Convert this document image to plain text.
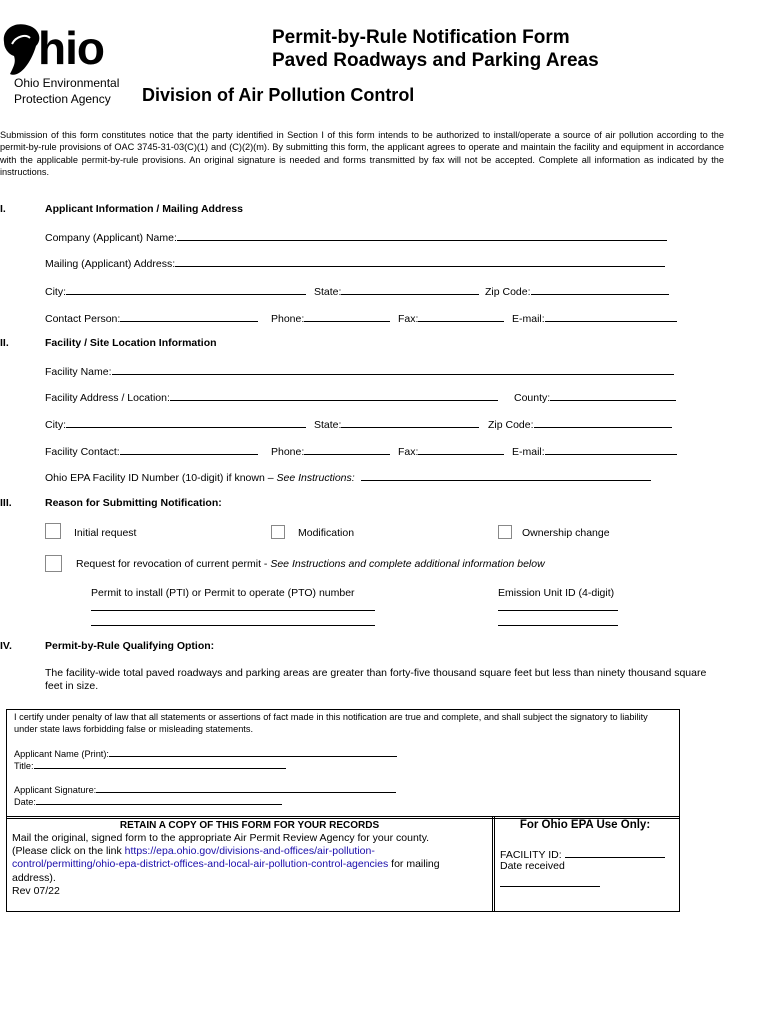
hio
Ohio Environmental
Protection Agency
Permit-by-Rule Notification Form
Paved Roadways and Parking Areas
Division of Air Pollution Control
Submission of this form constitutes notice that the party identified in Section I of this form intends to be authorized to install/operate a source of air pollution according to the permit-by-rule provisions of OAC 3745-31-03(C)(1) and (C)(2)(m). By submitting this form, the applicant agrees to operate and maintain the facility and equipment in accordance with the applicable permit-by-rule provisions. An original signature is needed and forms transmitted by fax will not be accepted. Complete all information as indicated by the instructions.
I.	Applicant Information / Mailing Address
Company (Applicant) Name:
Mailing (Applicant) Address:
City:	State:	Zip Code:
Contact Person:	Phone:	Fax:	E-mail:
II.	Facility / Site Location Information
Facility Name:
Facility Address / Location:	County:
City:	State:	Zip Code:
Facility Contact:	Phone:	Fax:	E-mail:
Ohio EPA Facility ID Number (10-digit) if known – See Instructions:
III.	Reason for Submitting Notification:
Initial request	Modification	Ownership change
Request for revocation of current permit - See Instructions and complete additional information below
Permit to install (PTI) or Permit to operate (PTO) number	Emission Unit ID (4-digit)
IV.	Permit-by-Rule Qualifying Option:
The facility-wide total paved roadways and parking areas are greater than forty-five thousand square feet but less than ninety thousand square feet in size.
I certify under penalty of law that all statements or assertions of fact made in this notification are true and complete, and shall subject the signatory to liability under state laws forbidding false or misleading statements.
Applicant Name (Print):
Title:
Applicant Signature:
Date:
RETAIN A COPY OF THIS FORM FOR YOUR RECORDS
Mail the original, signed form to the appropriate Air Permit Review Agency for your county.
(Please click on the link https://epa.ohio.gov/divisions-and-offices/air-pollution-
control/permitting/ohio-epa-district-offices-and-local-air-pollution-control-agencies for mailing
address).
Rev 07/22
For Ohio EPA Use Only:
FACILITY ID:
Date received
